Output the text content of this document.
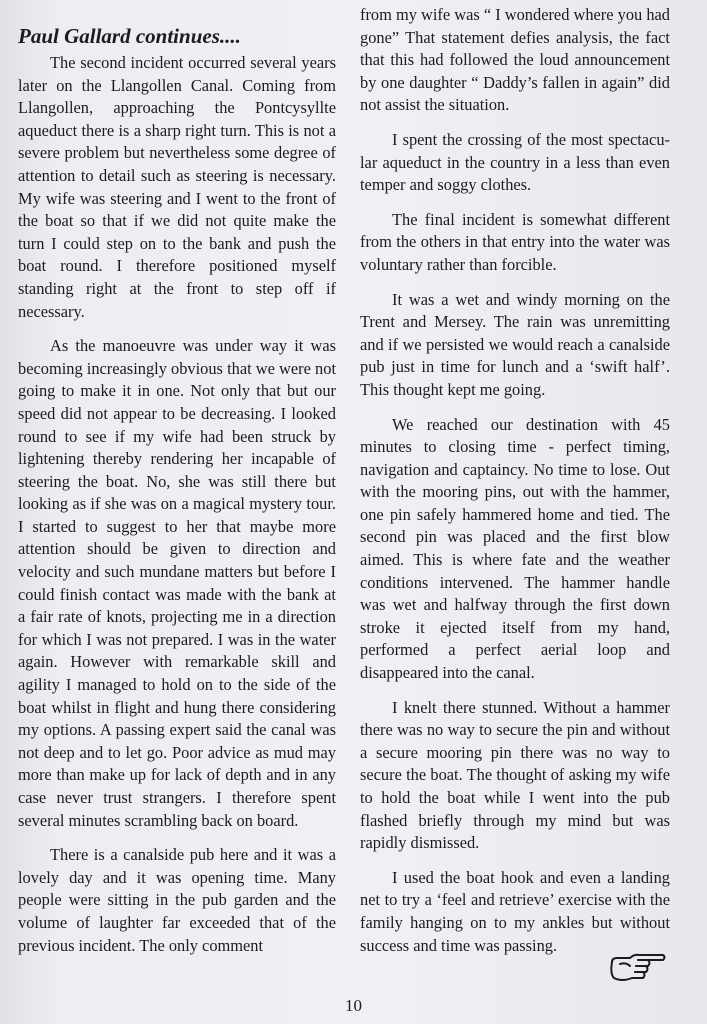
Paul Gallard continues....

The second incident occurred several years later on the Llangollen Canal. Coming from Llangollen, approaching the Pontcysyllte aqueduct there is a sharp right turn. This is not a severe problem but nevertheless some degree of attention to detail such as steering is necessary. My wife was steering and I went to the front of the boat so that if we did not quite make the turn I could step on to the bank and push the boat round. I therefore positioned myself standing right at the front to step off if necessary.

As the manoeuvre was under way it was becoming increasingly obvious that we were not going to make it in one. Not only that but our speed did not appear to be decreasing. I looked round to see if my wife had been struck by lightening thereby rendering her incapable of steering the boat. No, she was still there but looking as if she was on a magical mystery tour. I started to suggest to her that maybe more attention should be given to direction and velocity and such mundane matters but before I could finish contact was made with the bank at a fair rate of knots, projecting me in a direction for which I was not prepared. I was in the water again. However with remarkable skill and agility I managed to hold on to the side of the boat whilst in flight and hung there considering my options. A passing expert said the canal was not deep and to let go. Poor advice as mud may more than make up for lack of depth and in any case never trust strangers. I therefore spent several minutes scrambling back on board.

There is a canalside pub here and it was a lovely day and it was opening time. Many people were sitting in the pub garden and the volume of laughter far exceeded that of the previous incident. The only comment

from my wife was “ I wondered where you had gone” That statement defies analysis, the fact that this had followed the loud announcement by one daughter “ Daddy’s fallen in again” did not assist the situation.

I spent the crossing of the most spectacular aqueduct in the country in a less than even temper and soggy clothes.

The final incident is somewhat different from the others in that entry into the water was voluntary rather than forcible.

It was a wet and windy morning on the Trent and Mersey. The rain was unremitting and if we persisted we would reach a canalside pub just in time for lunch and a ‘swift half’. This thought kept me going.

We reached our destination with 45 minutes to closing time - perfect timing, navigation and captaincy. No time to lose. Out with the mooring pins, out with the hammer, one pin safely hammered home and tied. The second pin was placed and the first blow aimed. This is where fate and the weather conditions intervened. The hammer handle was wet and halfway through the first down stroke it ejected itself from my hand, performed a perfect aerial loop and disappeared into the canal.

I knelt there stunned. Without a hammer there was no way to secure the pin and without a secure mooring pin there was no way to secure the boat. The thought of asking my wife to hold the boat while I went into the pub flashed briefly through my mind but was rapidly dismissed.

I used the boat hook and even a landing net to try a ‘feel and retrieve’ exercise with the family hanging on to my ankles but without success and time was passing.

10
